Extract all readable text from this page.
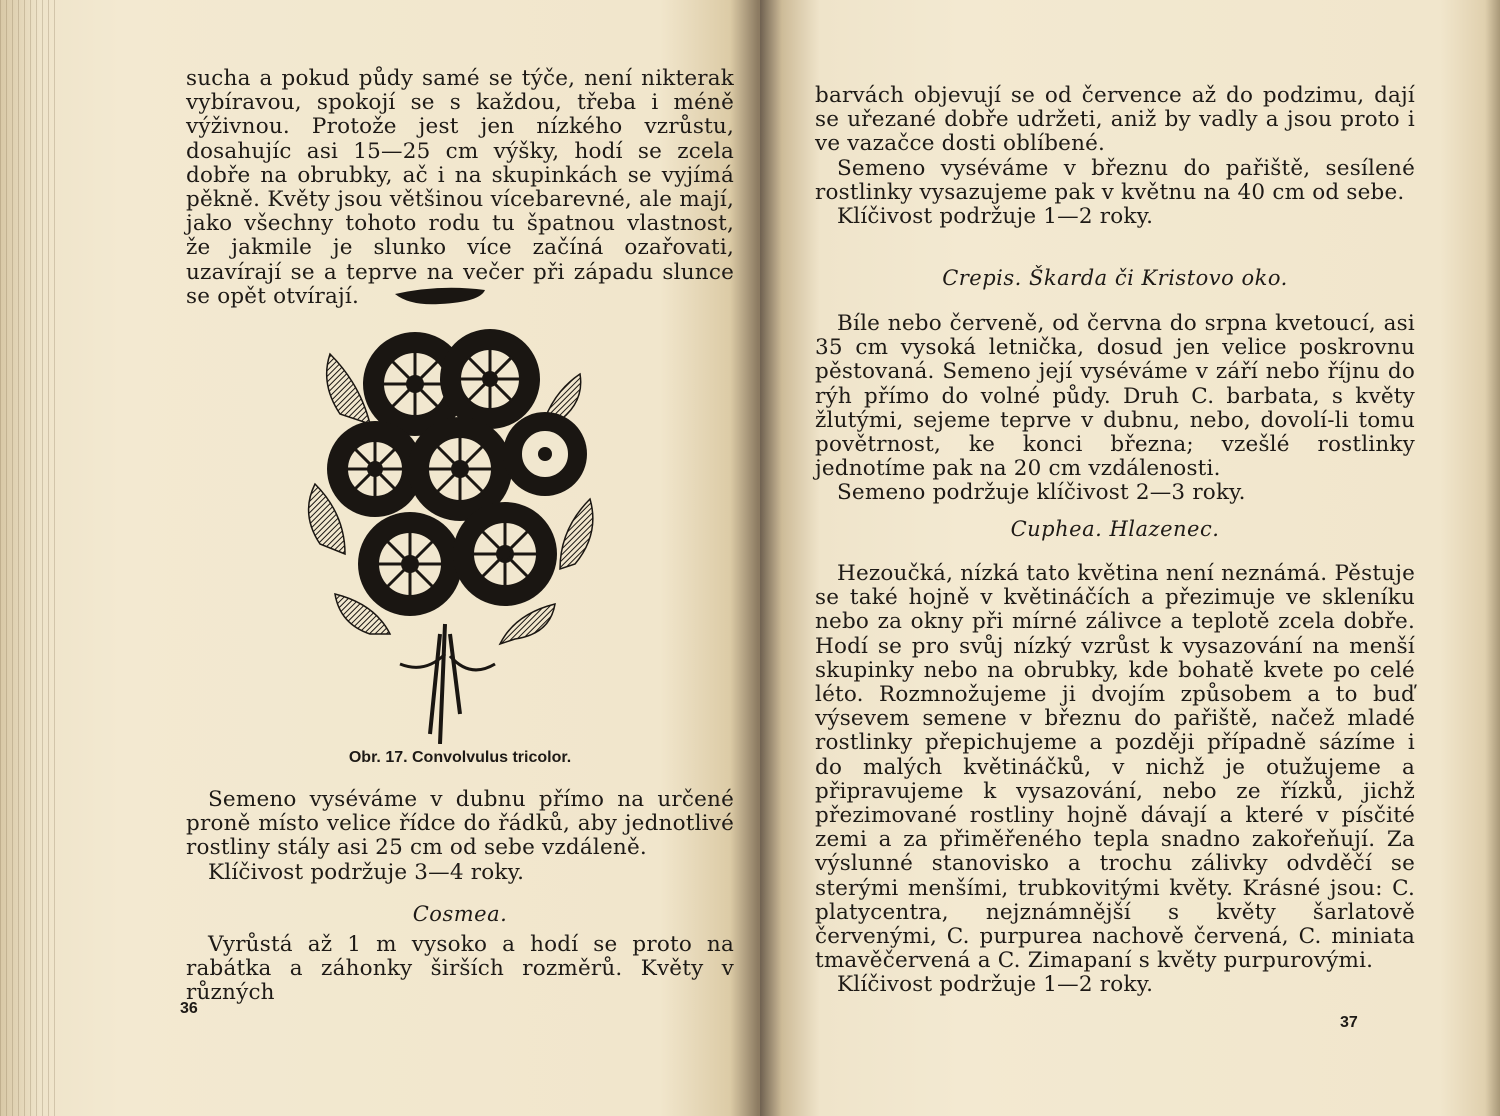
sucha a pokud půdy samé se týče, není nikterak vybíravou, spokojí se s každou, třeba i méně výživnou. Protože jest jen nízkého vzrůstu, dosahujíc asi 15—25 cm výšky, hodí se zcela dobře na obrubky, ač i na skupinkách se vyjímá pěkně. Květy jsou většinou vícebarevné, ale mají, jako všechny tohoto rodu tu špatnou vlastnost, že jakmile je slunko více začíná ozařovati, uzavírají se a teprve na večer při západu slunce se opět otvírají.

Obr. 17. Convolvulus tricolor.

Semeno vyséváme v dubnu přímo na určené proně místo velice řídce do řádků, aby jednotlivé rostliny stály asi 25 cm od sebe vzdáleně.

Klíčivost podržuje 3—4 roky.

Cosmea.

Vyrůstá až 1 m vysoko a hodí se proto na rabátka a záhonky širších rozměrů. Květy v různých

36

barvách objevují se od července až do podzimu, dají se uřezané dobře udržeti, aniž by vadly a jsou proto i ve vazačce dosti oblíbené.

Semeno vyséváme v březnu do pařiště, sesílené rostlinky vysazujeme pak v květnu na 40 cm od sebe.

Klíčivost podržuje 1—2 roky.

Crepis. Škarda či Kristovo oko.

Bíle nebo červeně, od června do srpna kvetoucí, asi 35 cm vysoká letnička, dosud jen velice poskrovnu pěstovaná. Semeno její vyséváme v září nebo říjnu do rýh přímo do volné půdy. Druh C. barbata, s květy žlutými, sejeme teprve v dubnu, nebo, dovolí-li tomu povětrnost, ke konci března; vzešlé rostlinky jednotíme pak na 20 cm vzdálenosti.

Semeno podržuje klíčivost 2—3 roky.

Cuphea. Hlazenec.

Hezoučká, nízká tato květina není neznámá. Pěstuje se také hojně v květináčích a přezimuje ve skleníku nebo za okny při mírné zálivce a teplotě zcela dobře. Hodí se pro svůj nízký vzrůst k vysazování na menší skupinky nebo na obrubky, kde bohatě kvete po celé léto. Rozmnožujeme ji dvojím způsobem a to buď výsevem semene v březnu do pařiště, načež mladé rostlinky přepichujeme a později případně sázíme i do malých květináčků, v nichž je otužujeme a připravujeme k vysazování, nebo ze řízků, jichž přezimované rostliny hojně dávají a které v písčité zemi a za přiměřeného tepla snadno zakořeňují. Za výslunné stanovisko a trochu zálivky odvděčí se sterými menšími, trubkovitými květy. Krásné jsou: C. platycentra, nejznámnější s květy šarlatově červenými, C. purpurea nachově červená, C. miniata tmavěčervená a C. Zimapaní s květy purpurovými.

Klíčivost podržuje 1—2 roky.

37
